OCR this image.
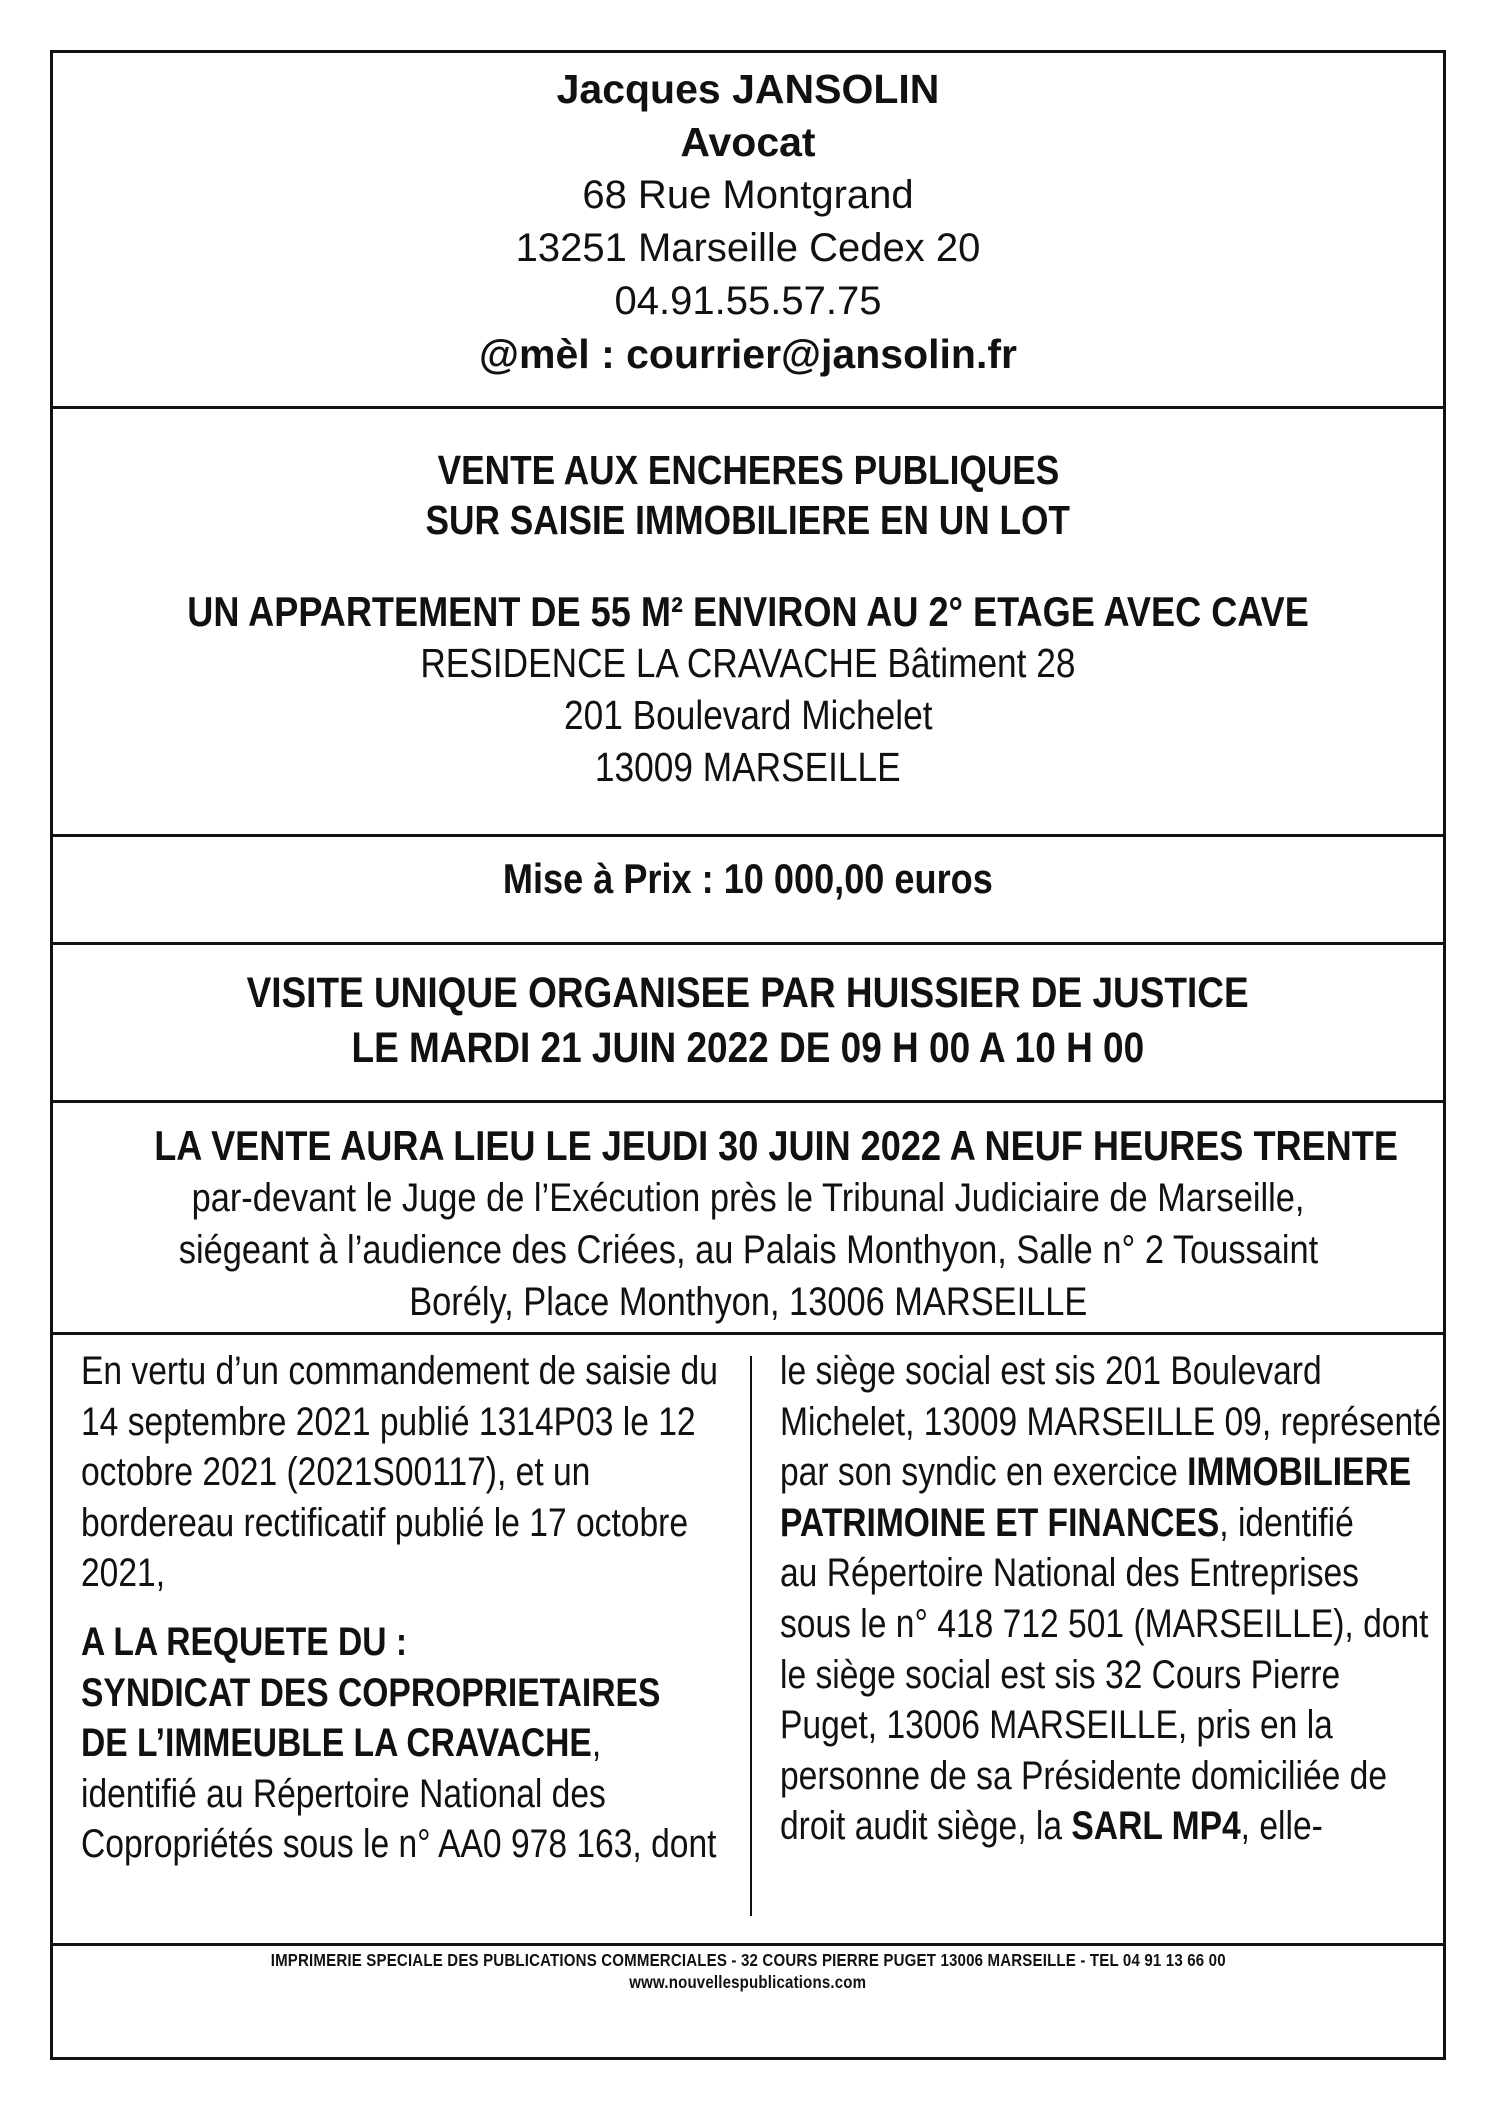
Jacques JANSOLIN
Avocat
68 Rue Montgrand
13251 Marseille Cedex 20
04.91.55.57.75
@mèl : courrier@jansolin.fr
VENTE AUX ENCHERES PUBLIQUES
SUR SAISIE IMMOBILIERE EN UN LOT
UN APPARTEMENT DE 55 M² ENVIRON AU 2° ETAGE AVEC CAVE
RESIDENCE LA CRAVACHE Bâtiment 28
201 Boulevard Michelet
13009 MARSEILLE
Mise à Prix : 10 000,00 euros
VISITE UNIQUE ORGANISEE PAR HUISSIER DE JUSTICE
LE MARDI 21 JUIN 2022 DE 09 H 00 A 10 H 00
LA VENTE AURA LIEU LE JEUDI 30 JUIN 2022 A NEUF HEURES TRENTE
par-devant le Juge de l’Exécution près le Tribunal Judiciaire de Marseille,
siégeant à l’audience des Criées, au Palais Monthyon, Salle n° 2 Toussaint
Borély, Place Monthyon, 13006 MARSEILLE
En vertu d’un commandement de saisie du
14 septembre 2021 publié 1314P03 le 12
octobre 2021 (2021S00117), et un
bordereau rectificatif publié le 17 octobre
2021,
A LA REQUETE DU :
SYNDICAT DES COPROPRIETAIRES
DE L’IMMEUBLE LA CRAVACHE,
identifié au Répertoire National des
Copropriétés sous le n° AA0 978 163, dont
le siège social est sis 201 Boulevard
Michelet, 13009 MARSEILLE 09, représenté
par son syndic en exercice IMMOBILIERE
PATRIMOINE ET FINANCES, identifié
au Répertoire National des Entreprises
sous le n° 418 712 501 (MARSEILLE), dont
le siège social est sis 32 Cours Pierre
Puget, 13006 MARSEILLE, pris en la
personne de sa Présidente domiciliée de
droit audit siège, la SARL MP4, elle-
IMPRIMERIE SPECIALE DES PUBLICATIONS COMMERCIALES - 32 COURS PIERRE PUGET 13006 MARSEILLE - TEL 04 91 13 66 00
www.nouvellespublications.com
